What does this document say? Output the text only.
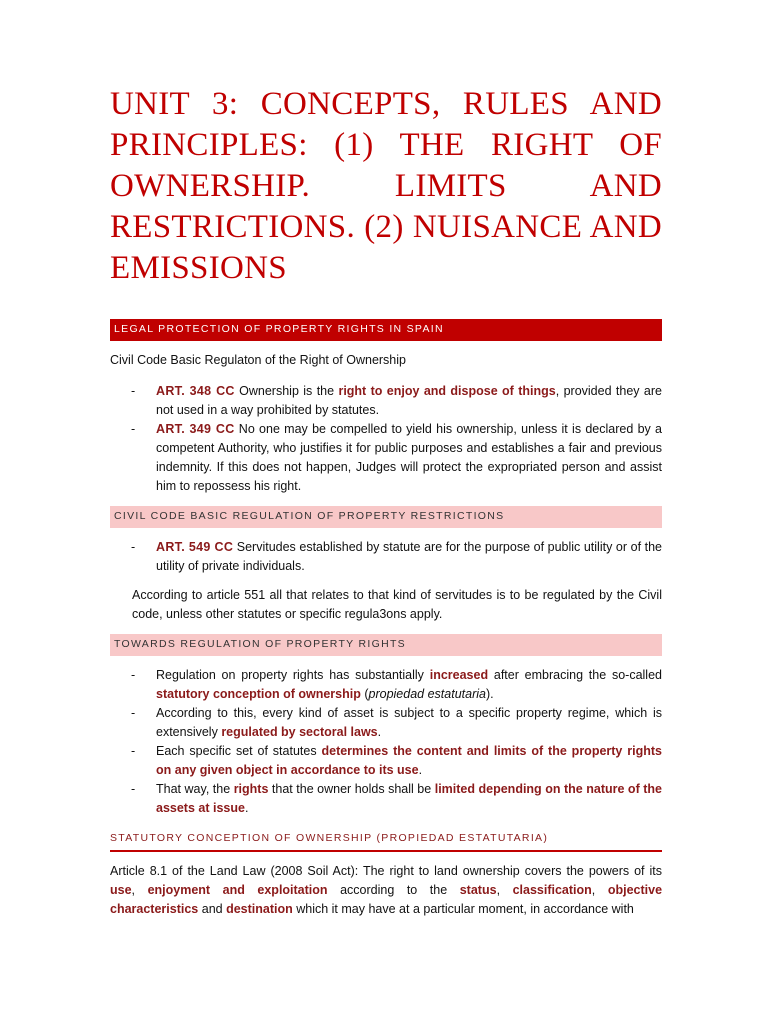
UNIT 3: CONCEPTS, RULES AND PRINCIPLES: (1) THE RIGHT OF OWNERSHIP. LIMITS AND RESTRICTIONS. (2) NUISANCE AND EMISSIONS
LEGAL PROTECTION OF PROPERTY RIGHTS IN SPAIN

Civil Code Basic Regulaton of the Right of Ownership

- ART. 348 CC Ownership is the right to enjoy and dispose of things, provided they are not used in a way prohibited by statutes.
- ART. 349 CC No one may be compelled to yield his ownership, unless it is declared by a competent Authority, who justifies it for public purposes and establishes a fair and previous indemnity. If this does not happen, Judges will protect the expropriated person and assist him to repossess his right.
CIVIL CODE BASIC REGULATION OF PROPERTY RESTRICTIONS
- ART. 549 CC Servitudes established by statute are for the purpose of public utility or of the utility of private individuals.

According to article 551 all that relates to that kind of servitudes is to be regulated by the Civil code, unless other statutes or specific regula3ons apply.

TOWARDS REGULATION OF PROPERTY RIGHTS
- Regulation on property rights has substantially increased after embracing the so-called statutory conception of ownership (propiedad estatutaria).
- According to this, every kind of asset is subject to a specific property regime, which is extensively regulated by sectoral laws.
- Each specific set of statutes determines the content and limits of the property rights on any given object in accordance to its use.
- That way, the rights that the owner holds shall be limited depending on the nature of the assets at issue.
STATUTORY CONCEPTION OF OWNERSHIP (PROPIEDAD ESTATUTARIA)

Article 8.1 of the Land Law (2008 Soil Act): The right to land ownership covers the powers of its use, enjoyment and exploitation according to the status, classification, objective characteristics and destination which it may have at a particular moment, in accordance with
